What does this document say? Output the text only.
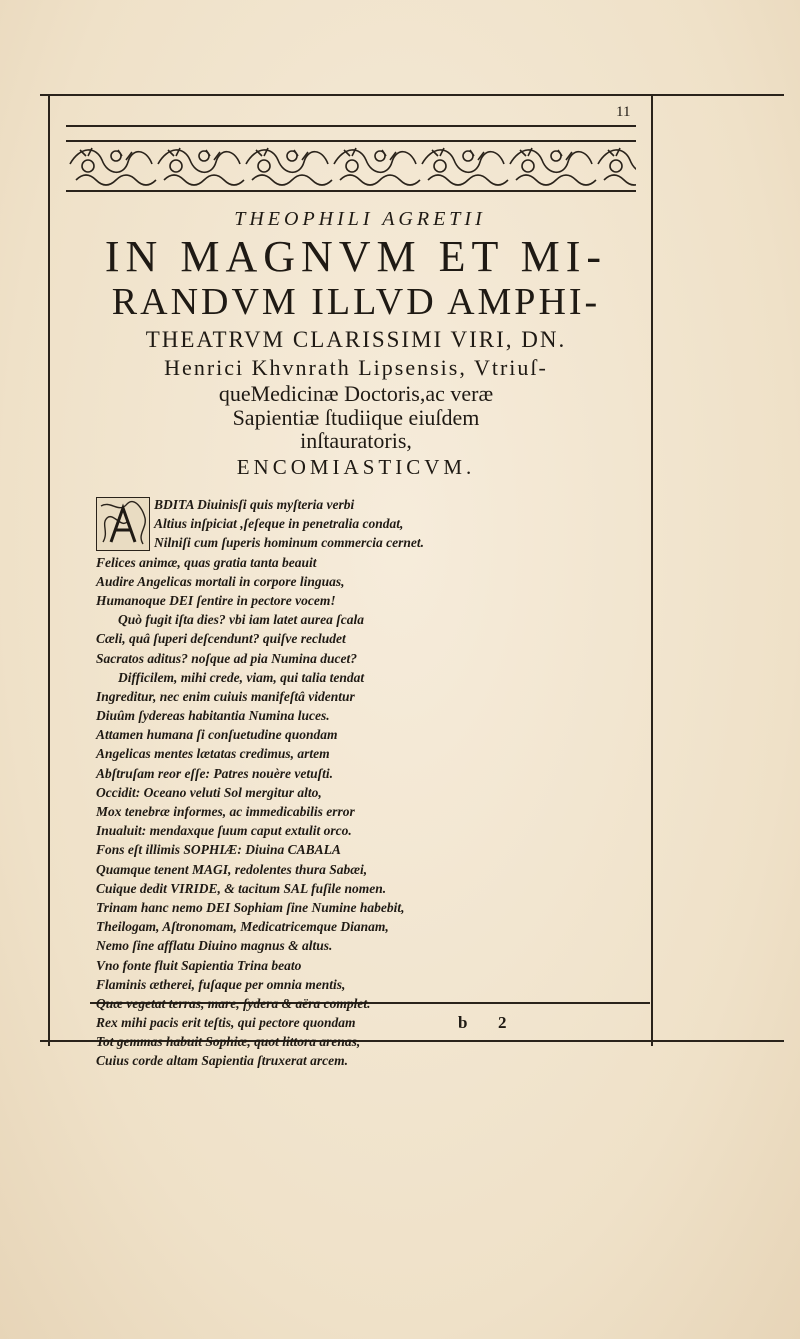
11
THEOPHILI AGRETII
IN MAGNVM ET MI-
RANDVM ILLVD AMPHI-
THEATRVM CLARISSIMI VIRI, DN.
Henrici Khvnrath Lipsensis, Vtriuſ-
queMedicinæ Doctoris,ac veræ
Sapientiæ ſtudiique eiuſdem
inſtauratoris,
ENCOMIASTICVM.
BDITA Diuinisſi quis myſteria verbi
Altius inſpiciat ,ſeſeque in penetralia condat,
Nilniſi cum ſuperis hominum commercia cernet.
Felices animæ, quas gratia tanta beauit
Audire Angelicas mortali in corpore linguas,
Humanoque DEI ſentire in pectore vocem!
Quò fugit iſta dies? vbi iam latet aurea ſcala
Cæli, quâ ſuperi deſcendunt? quiſve recludet
Sacratos aditus? noſque ad pia Numina ducet?
Difficilem, mihi crede, viam, qui talia tendat
Ingreditur, nec enim cuiuis manifeſtâ videntur
Diuûm ſydereas habitantia Numina luces.
Attamen humana ſi conſuetudine quondam
Angelicas mentes lætatas credimus, artem
Abſtruſam reor eſſe: Patres nouère vetuſti.
Occidit: Oceano veluti Sol mergitur alto,
Mox tenebræ informes, ac immedicabilis error
Inualuit: mendaxque ſuum caput extulit orco.
Fons eſt illimis SOPHIÆ: Diuina CABALA
Quamque tenent MAGI, redolentes thura Sabæi,
Cuique dedit VIRIDE, & tacitum SAL fuſile nomen.
Trinam hanc nemo DEI Sophiam ſine Numine habebit,
Theilogam, Aſtronomam, Medicatricemque Dianam,
Nemo ſine afflatu Diuino magnus & altus.
Vno fonte fluit Sapientia Trina beato
Flaminis ætherei, fuſaque per omnia mentis,
Quæ vegetat terras, mare, ſydera & aëra complet.
Rex mihi pacis erit teſtis, qui pectore quondam
Tot gemmas habuit Sophiæ, quot littora arenas,
Cuius corde altam Sapientia ſtruxerat arcem.
b 2
